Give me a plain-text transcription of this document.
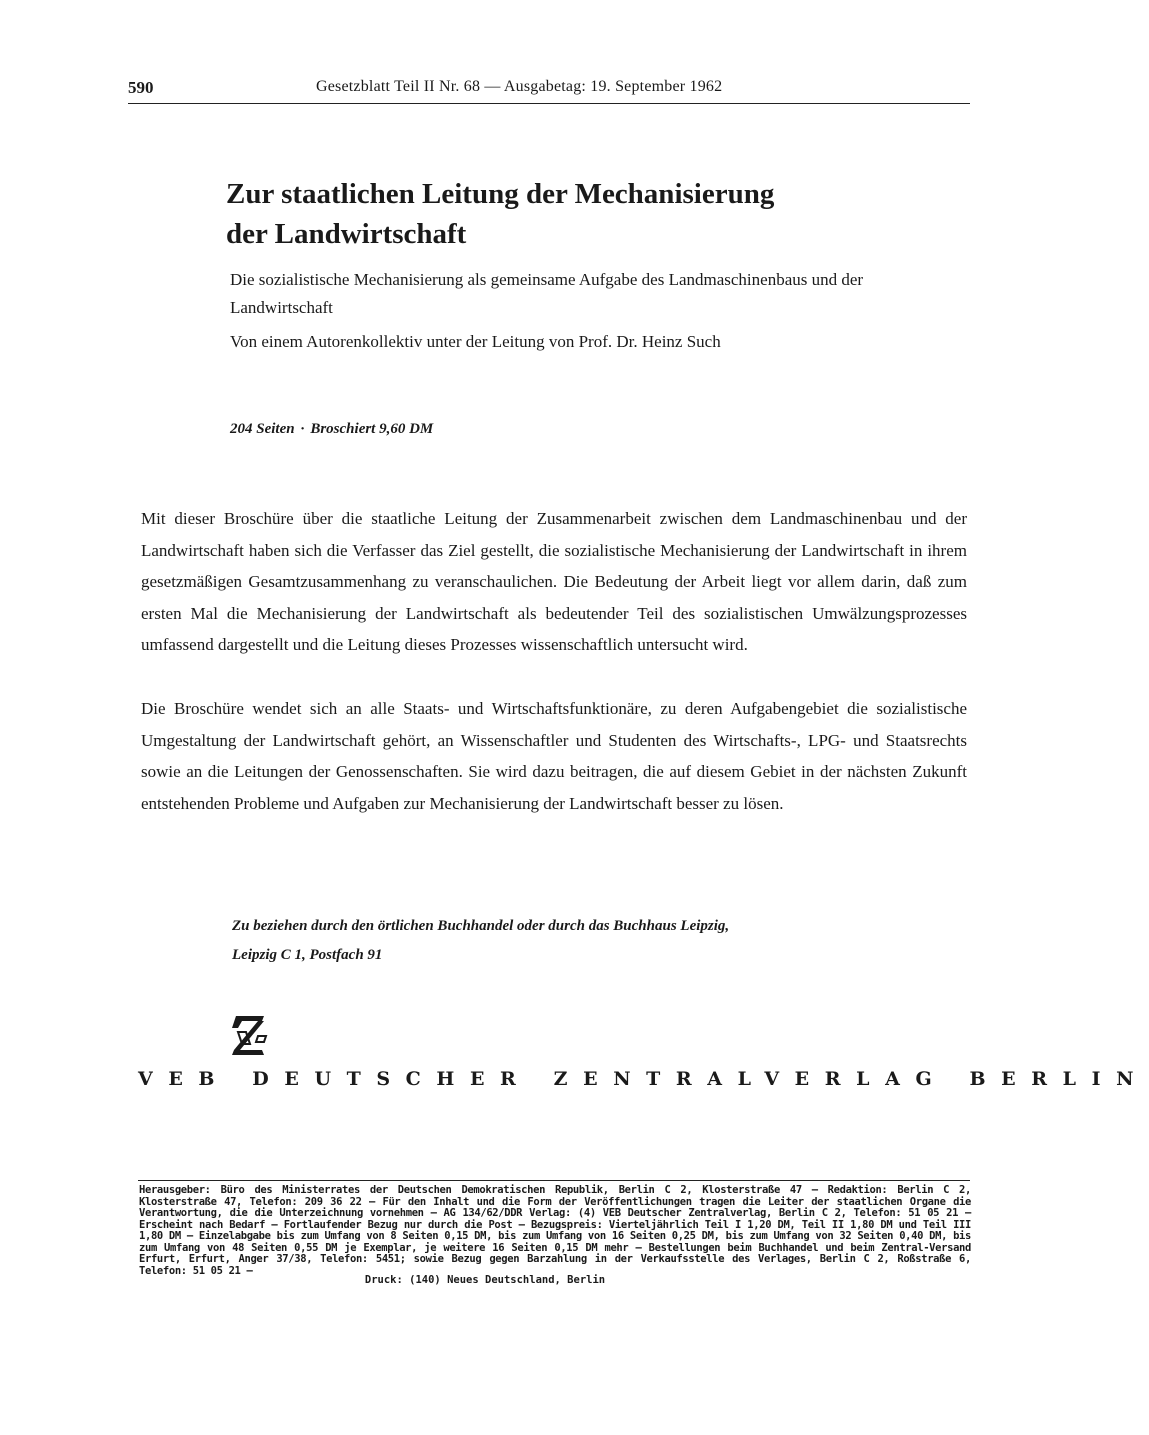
590	Gesetzblatt Teil II Nr. 68 — Ausgabetag: 19. September 1962
Zur staatlichen Leitung der Mechanisierung
der Landwirtschaft

Die sozialistische Mechanisierung als gemeinsame Aufgabe des Landmaschinenbaus und der Landwirtschaft

Von einem Autorenkollektiv unter der Leitung von Prof. Dr. Heinz Such

204 Seiten · Broschiert 9,60 DM

Mit dieser Broschüre über die staatliche Leitung der Zusammenarbeit zwischen dem Landmaschinenbau und der Landwirtschaft haben sich die Verfasser das Ziel gestellt, die sozialistische Mechanisierung der Landwirtschaft in ihrem gesetzmäßigen Gesamtzusammenhang zu veranschaulichen. Die Bedeutung der Arbeit liegt vor allem darin, daß zum ersten Mal die Mechanisierung der Landwirtschaft als bedeutender Teil des sozialistischen Umwälzungsprozesses umfassend dargestellt und die Leitung dieses Prozesses wissenschaftlich untersucht wird.

Die Broschüre wendet sich an alle Staats- und Wirtschaftsfunktionäre, zu deren Aufgabengebiet die sozialistische Umgestaltung der Landwirtschaft gehört, an Wissenschaftler und Studenten des Wirtschafts-, LPG- und Staatsrechts sowie an die Leitungen der Genossenschaften. Sie wird dazu beitragen, die auf diesem Gebiet in der nächsten Zukunft entstehenden Probleme und Aufgaben zur Mechanisierung der Landwirtschaft besser zu lösen.

Zu beziehen durch den örtlichen Buchhandel oder durch das Buchhaus Leipzig,
Leipzig C 1, Postfach 91

VEB DEUTSCHER ZENTRALVERLAG BERLIN

Herausgeber: Büro des Ministerrates der Deutschen Demokratischen Republik, Berlin C 2, Klosterstraße 47 — Redaktion: Berlin C 2, Klosterstraße 47, Telefon: 209 36 22 — Für den Inhalt und die Form der Veröffentlichungen tragen die Leiter der staatlichen Organe die Verantwortung, die die Unterzeichnung vornehmen — AG 134/62/DDR Verlag: (4) VEB Deutscher Zentralverlag, Berlin C 2, Telefon: 51 05 21 — Erscheint nach Bedarf — Fortlaufender Bezug nur durch die Post — Bezugspreis: Vierteljährlich Teil I 1,20 DM, Teil II 1,80 DM und Teil III 1,80 DM — Einzelabgabe bis zum Umfang von 8 Seiten 0,15 DM, bis zum Umfang von 16 Seiten 0,25 DM, bis zum Umfang von 32 Seiten 0,40 DM, bis zum Umfang von 48 Seiten 0,55 DM je Exemplar, je weitere 16 Seiten 0,15 DM mehr — Bestellungen beim Buchhandel und beim Zentral-Versand Erfurt, Erfurt, Anger 37/38, Telefon: 5451; sowie Bezug gegen Barzahlung in der Verkaufsstelle des Verlages, Berlin C 2, Roßstraße 6, Telefon: 51 05 21 —

Druck: (140) Neues Deutschland, Berlin
